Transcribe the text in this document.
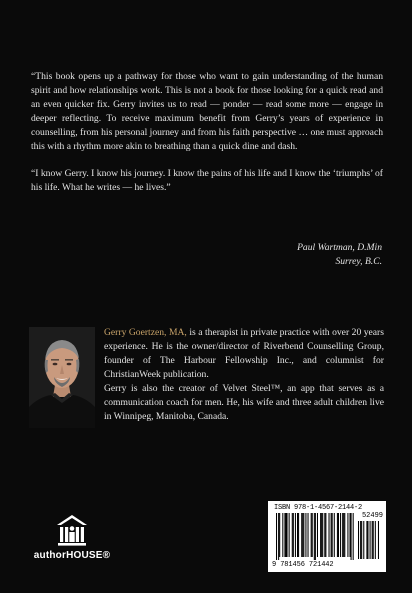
“This book opens up a pathway for those who want to gain understanding of the human spirit and how relationships work. This is not a book for those looking for a quick read and an even quicker fix. Gerry invites us to read — ponder — read some more — engage in deeper reflecting. To receive maximum benefit from Gerry’s years of experience in counselling, from his personal journey and from his faith perspective … one must approach this with a rhythm more akin to breathing than a quick dine and dash.

“I know Gerry. I know his journey. I know the pains of his life and I know the ‘triumphs’ of his life. What he writes — he lives.”

Paul Wartman, D.Min
Surrey, B.C.

Gerry Goertzen, MA, is a therapist in private practice with over 20 years experience. He is the owner/director of Riverbend Counselling Group, founder of The Harbour Fellowship Inc., and columnist for ChristianWeek publication.

Gerry is also the creator of Velvet Steel™, an app that serves as a communication coach for men. He, his wife and three adult children live in Winnipeg, Manitoba, Canada.

authorHOUSE®
ISBN 978-1-4567-2144-2
52499
9 781456 721442
